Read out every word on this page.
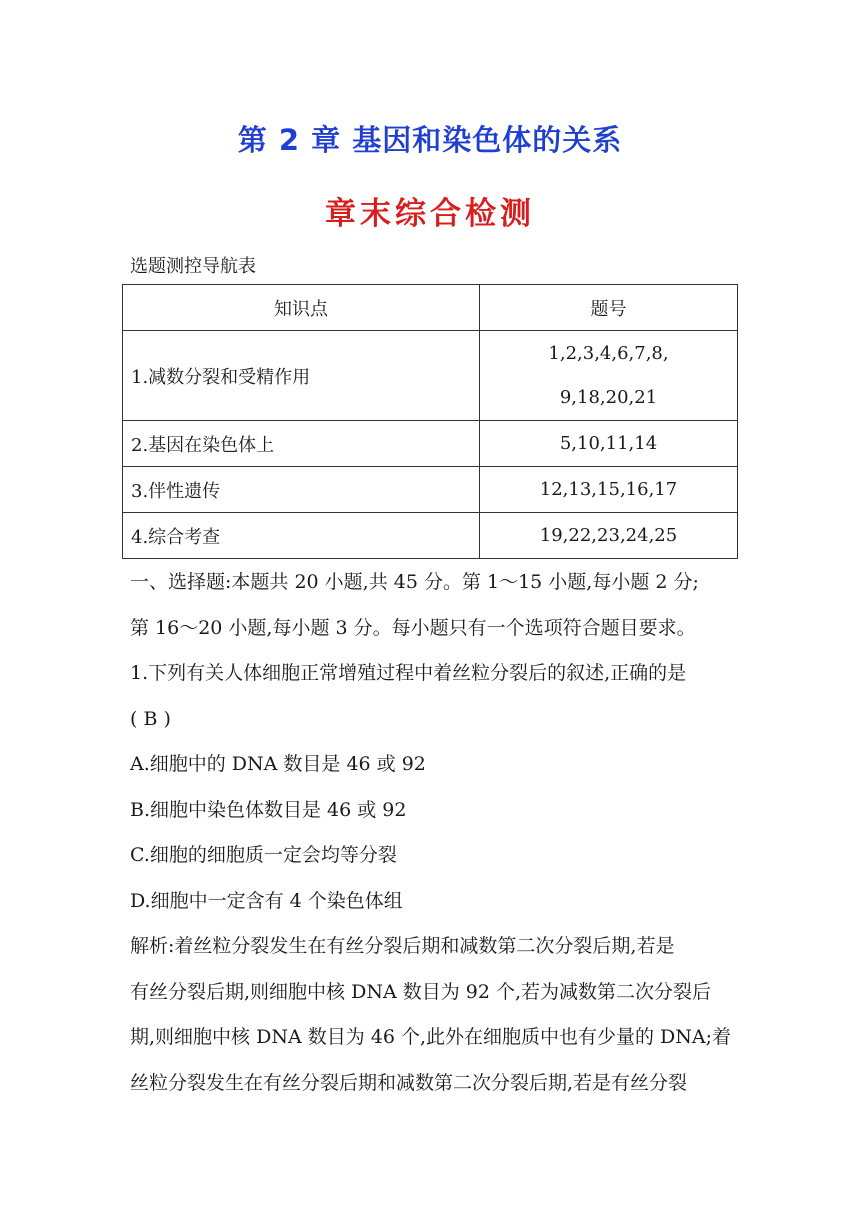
第 2 章 基因和染色体的关系
章末综合检测
选题测控导航表
知识点	题号
1.减数分裂和受精作用	1,2,3,4,6,7,8,
9,18,20,21

2.基因在染色体上	5,10,11,14
3.伴性遗传	12,13,15,16,17
4.综合考查	19,22,23,24,25
一、选择题:本题共 20 小题,共 45 分。第 1～15 小题,每小题 2 分;
第 16～20 小题,每小题 3 分。每小题只有一个选项符合题目要求。
1.下列有关人体细胞正常增殖过程中着丝粒分裂后的叙述,正确的是
( B )
A.细胞中的 DNA 数目是 46 或 92
B.细胞中染色体数目是 46 或 92
C.细胞的细胞质一定会均等分裂
D.细胞中一定含有 4 个染色体组
解析:着丝粒分裂发生在有丝分裂后期和减数第二次分裂后期,若是
有丝分裂后期,则细胞中核 DNA 数目为 92 个,若为减数第二次分裂后
期,则细胞中核 DNA 数目为 46 个,此外在细胞质中也有少量的 DNA;着
丝粒分裂发生在有丝分裂后期和减数第二次分裂后期,若是有丝分裂
